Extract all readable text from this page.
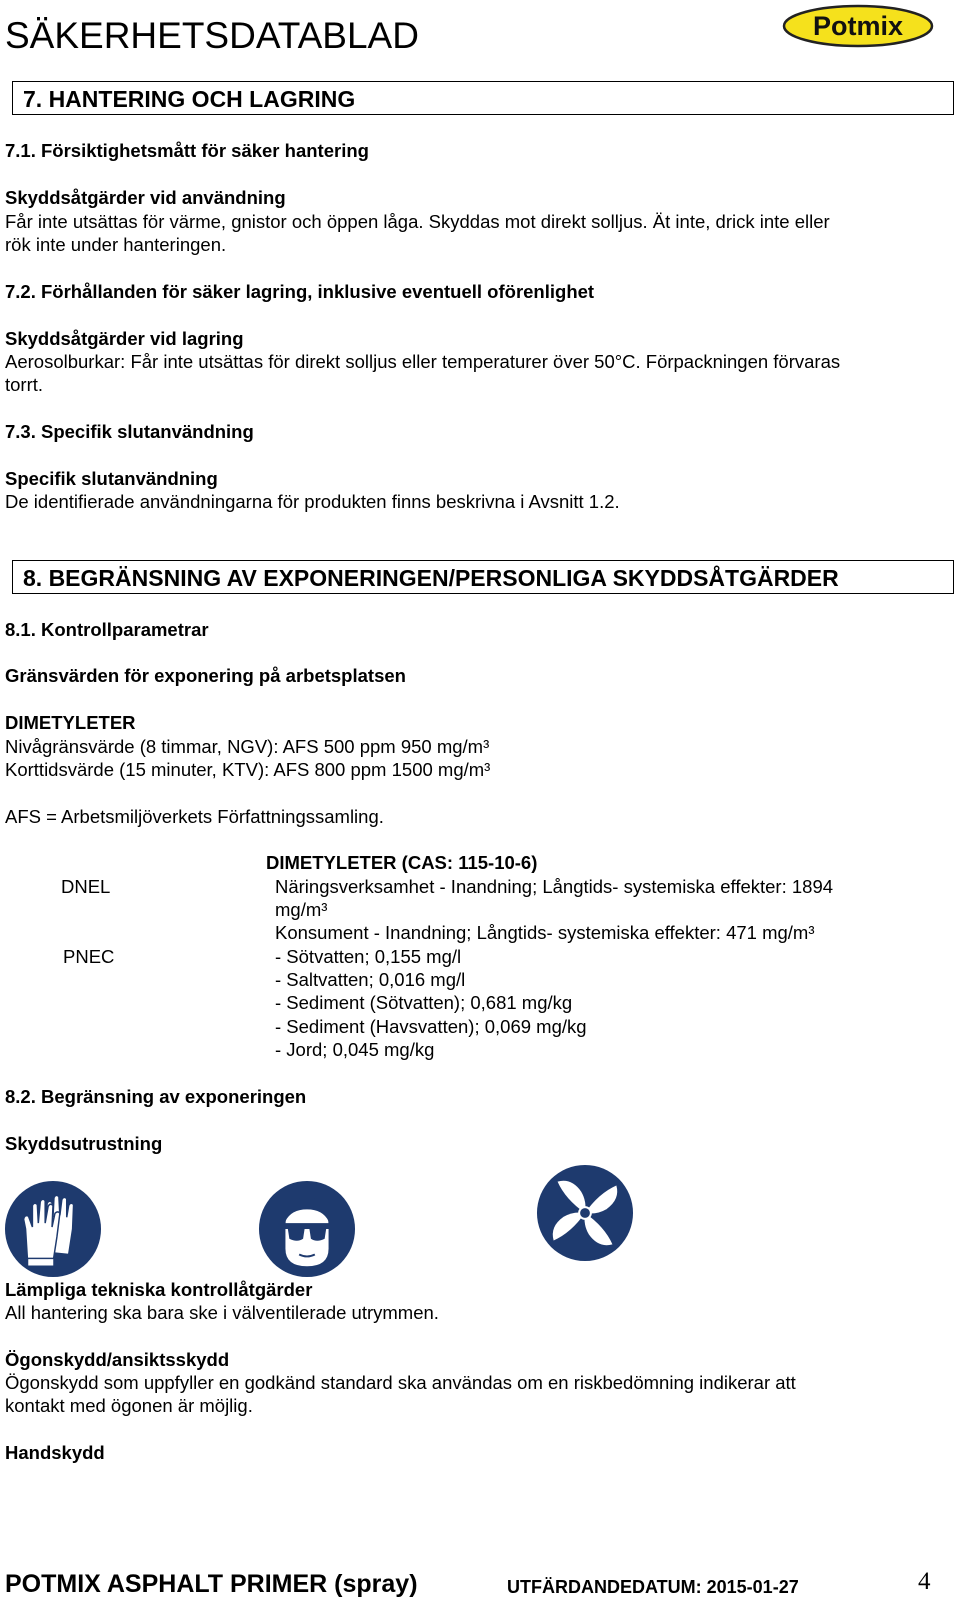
SÄKERHETSDATABLAD	Potmix
7. HANTERING OCH LAGRING
7.1. Försiktighetsmått för säker hantering
Skyddsåtgärder vid användning
Får inte utsättas för värme, gnistor och öppen låga. Skyddas mot direkt solljus. Ät inte, drick inte eller
rök inte under hanteringen.
7.2. Förhållanden för säker lagring, inklusive eventuell oförenlighet
Skyddsåtgärder vid lagring
Aerosolburkar: Får inte utsättas för direkt solljus eller temperaturer över 50°C. Förpackningen förvaras
torrt.
7.3. Specifik slutanvändning
Specifik slutanvändning
De identifierade användningarna för produkten finns beskrivna i Avsnitt 1.2.
8. BEGRÄNSNING AV EXPONERINGEN/PERSONLIGA SKYDDSÅTGÄRDER
8.1. Kontrollparametrar
Gränsvärden för exponering på arbetsplatsen
DIMETYLETER
Nivågränsvärde (8 timmar, NGV): AFS 500 ppm 950 mg/m³
Korttidsvärde (15 minuter, KTV): AFS 800 ppm 1500 mg/m³
AFS = Arbetsmiljöverkets Författningssamling.
DIMETYLETER (CAS: 115-10-6)
DNEL	Näringsverksamhet - Inandning; Långtids- systemiska effekter: 1894
mg/m³
Konsument - Inandning; Långtids- systemiska effekter: 471 mg/m³
PNEC	- Sötvatten; 0,155 mg/l
- Saltvatten; 0,016 mg/l
- Sediment (Sötvatten); 0,681 mg/kg
- Sediment (Havsvatten); 0,069 mg/kg
- Jord; 0,045 mg/kg
8.2. Begränsning av exponeringen
Skyddsutrustning
Lämpliga tekniska kontrollåtgärder
All hantering ska bara ske i välventilerade utrymmen.
Ögonskydd/ansiktsskydd
Ögonskydd som uppfyller en godkänd standard ska användas om en riskbedömning indikerar att
kontakt med ögonen är möjlig.
Handskydd
POTMIX ASPHALT PRIMER (spray)	UTFÄRDANDEDATUM: 2015-01-27	4
